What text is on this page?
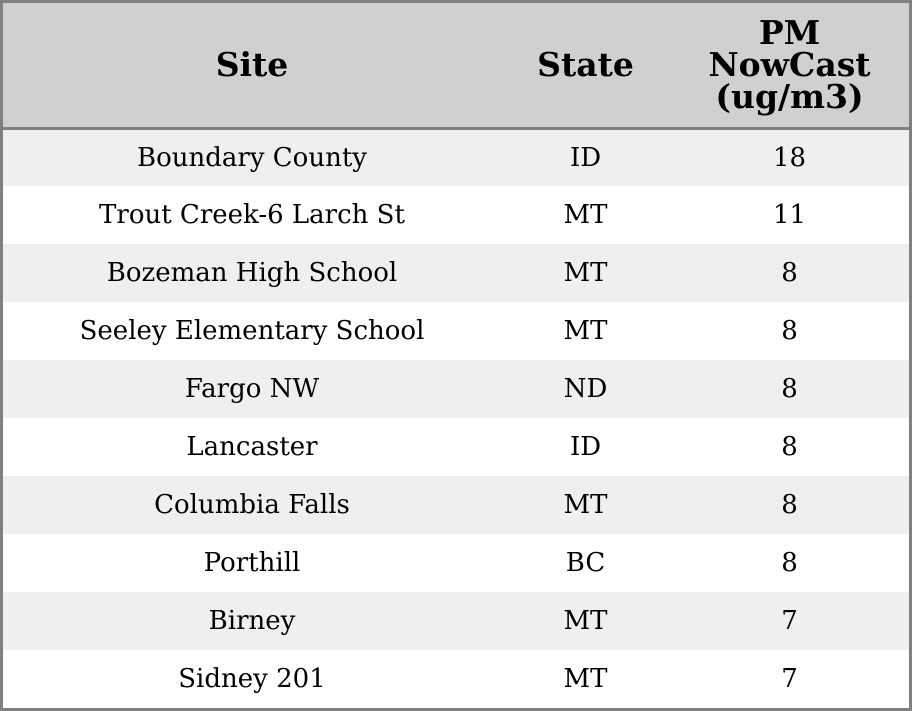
Site	State	PM
NowCast
(ug/m3)

Boundary County	ID	18
Trout Creek-6 Larch St	MT	11
Bozeman High School	MT	8
Seeley Elementary School	MT	8
Fargo NW	ND	8
Lancaster	ID	8
Columbia Falls	MT	8
Porthill	BC	8
Birney	MT	7
Sidney 201	MT	7
